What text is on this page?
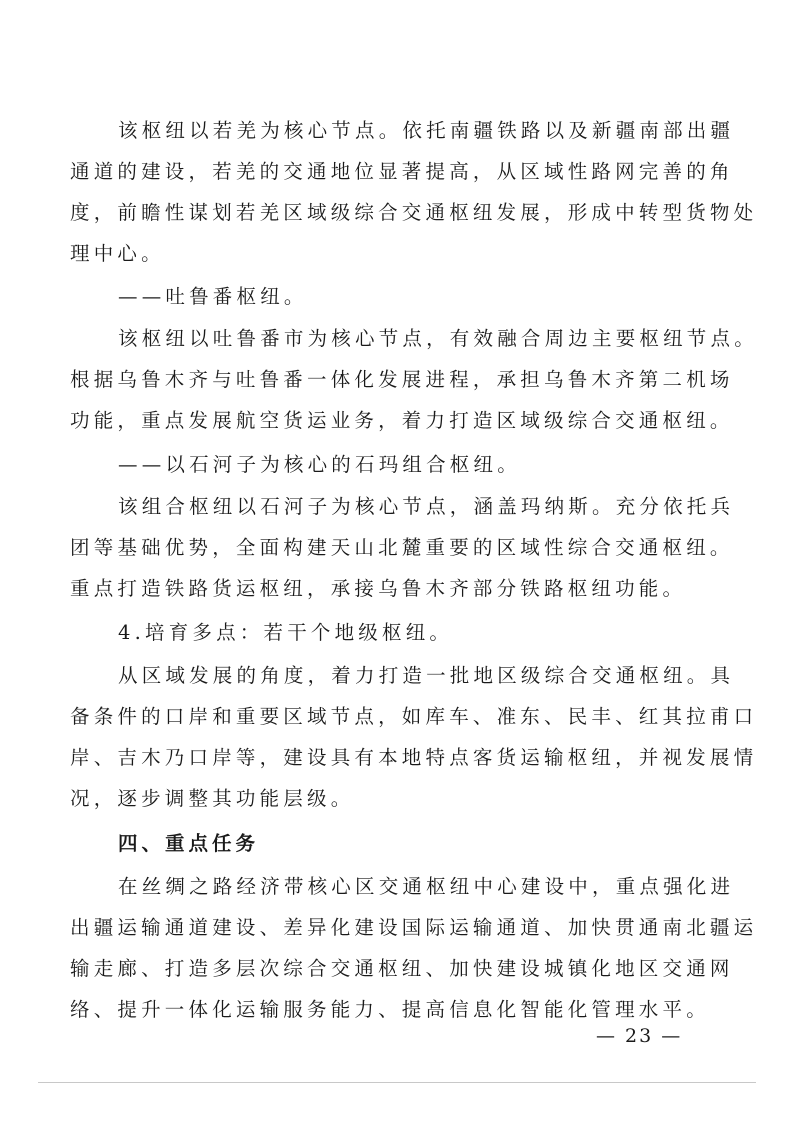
该枢纽以若羌为核心节点。依托南疆铁路以及新疆南部出疆
通道的建设，若羌的交通地位显著提高，从区域性路网完善的角
度，前瞻性谋划若羌区域级综合交通枢纽发展，形成中转型货物处
理中心。
——吐鲁番枢纽。
该枢纽以吐鲁番市为核心节点，有效融合周边主要枢纽节点。
根据乌鲁木齐与吐鲁番一体化发展进程，承担乌鲁木齐第二机场
功能，重点发展航空货运业务，着力打造区域级综合交通枢纽。
——以石河子为核心的石玛组合枢纽。
该组合枢纽以石河子为核心节点，涵盖玛纳斯。充分依托兵
团等基础优势，全面构建天山北麓重要的区域性综合交通枢纽。
重点打造铁路货运枢纽，承接乌鲁木齐部分铁路枢纽功能。
4.培育多点：若干个地级枢纽。
从区域发展的角度，着力打造一批地区级综合交通枢纽。具
备条件的口岸和重要区域节点，如库车、准东、民丰、红其拉甫口
岸、吉木乃口岸等，建设具有本地特点客货运输枢纽，并视发展情
况，逐步调整其功能层级。
四、重点任务
在丝绸之路经济带核心区交通枢纽中心建设中，重点强化进
出疆运输通道建设、差异化建设国际运输通道、加快贯通南北疆运
输走廊、打造多层次综合交通枢纽、加快建设城镇化地区交通网
络、提升一体化运输服务能力、提高信息化智能化管理水平。
— 23 —
